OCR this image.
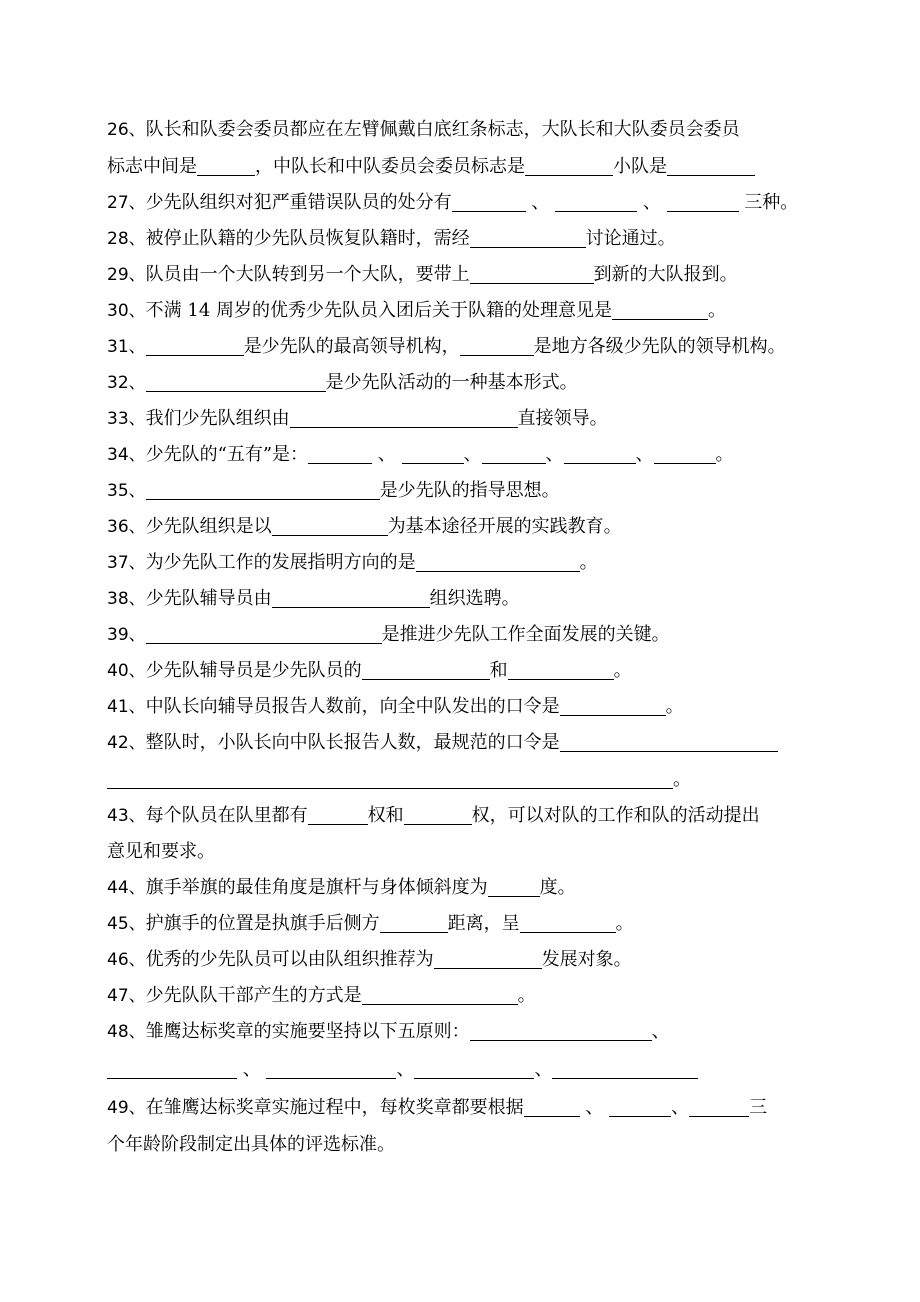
26、队长和队委会委员都应在左臂佩戴白底红条标志，大队长和大队委员会委员
标志中间是	，中队长和中队委员会委员标志是	小队是
27、少先队组织对犯严重错误队员的处分有	、	、	三种。
28、被停止队籍的少先队员恢复队籍时，需经	讨论通过。
29、队员由一个大队转到另一个大队，要带上	到新的大队报到。
30、不满 14 周岁的优秀少先队员入团后关于队籍的处理意见是	。
31、	是少先队的最高领导机构，	是地方各级少先队的领导机构。
32、	是少先队活动的一种基本形式。
33、我们少先队组织由	直接领导。
34、少先队的“五有”是：	、	、	、	、	。
35、	是少先队的指导思想。
36、少先队组织是以	为基本途径开展的实践教育。
37、为少先队工作的发展指明方向的是	。
38、少先队辅导员由	组织选聘。
39、	是推进少先队工作全面发展的关键。
40、少先队辅导员是少先队员的	和	。
41、中队长向辅导员报告人数前，向全中队发出的口令是	。
42、整队时，小队长向中队长报告人数，最规范的口令是
。
43、每个队员在队里都有	权和	权，可以对队的工作和队的活动提出
意见和要求。
44、旗手举旗的最佳角度是旗杆与身体倾斜度为	度。
45、护旗手的位置是执旗手后侧方	距离，呈	。
46、优秀的少先队员可以由队组织推荐为	发展对象。
47、少先队队干部产生的方式是	。
48、雏鹰达标奖章的实施要坚持以下五原则：	、
、	、	、
49、在雏鹰达标奖章实施过程中，每枚奖章都要根据	、	、	三
个年龄阶段制定出具体的评选标准。
